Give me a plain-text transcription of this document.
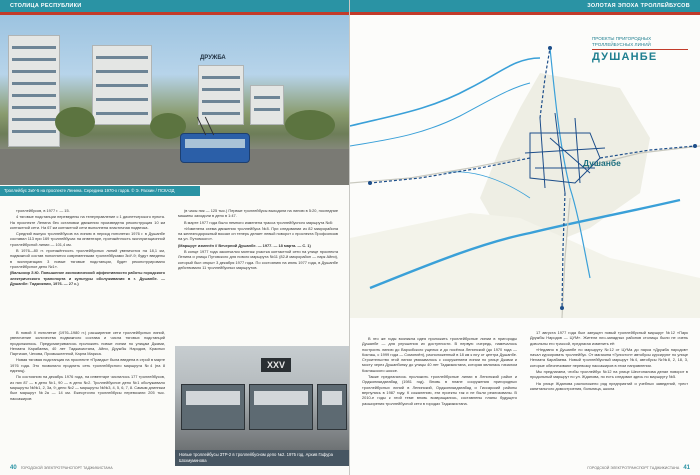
СТОЛИЦА РЕСПУБЛИКИ
ДРУЖБА
Троллейбус ЗиУ-5 на проспекте Ленина. Середина 1970-х годов. © Э. Раскин / ПСКАЗД

троллейбусов, в 1977 г. — 15.

4 тяговые подстанции переведены на телеуправление с 1 диспетчерского пункта. На проспекте Ленина без остановки движения произведена реконструкция 10 км контактной сети. На 67 км контактной сети выполнена эластичная подвеска.

Средний выпуск троллейбусов на линию в период пятилетки 1976 г. в Душанбе составил 113 при 169 троллейбусах на инвентаре, протяжённость эксплуатационной троллейбусной линии — 101,4 км.

В 1976—80 гг. протяжённость троллейбусных линий увеличится на 18,1 км, подвижной состав пополнится современными троллейбусами ЗиУ-9; будут введены в эксплуатацию 3 новые тяговые подстанции, будет реконструировано троллейбусное депо №1».

(Вальскир З.Ю. Повышение экономической эффективности работы городского электрического транспорта и культуры обслуживания в г. Душанбе. — Душанбе: Таджикнии, 1976. — 27 с.)

(в часы пик — 125 тыс.) Первые троллейбусы выходили на линию в 5:20, последние машины заходили в депо в 1:47.

В марте 1977 года было немного изменена трасса троллейбусного маршрута №8:

«Изменена схема движения троллейбуса №8. При следовании из 82 микрорайона на железнодорожный вокзал он теперь делает левый поворот с проспекта Профсоюзов на ул. Путовского».

(Маршрут изменён // Вечерний Душанбе. — 1977. — 18 марта. — С. 1)

В конце 1977 года закончился монтаж участка контактной сети на улице проспекта Ленина и улицы Путовского для нового маршрута №11 (82-й микрорайон — парк Айни), который был открыт 3 декабря 1977 года. По состоянию на июнь 1977 года, в Душанбе действовало 11 троллейбусных маршрутов.

В новой X пятилетке (1976–1980 гг.) расширение сети троллейбусных линий, увеличение количества подвижного состава и числа тяговых подстанций продолжилось. Предусматривалось проложить новые линии по улицам Джами, Негмата Карабаева, 40 лет Таджикистана, Айни, Дружбы Народов, Красных Партизан, Чехова, Промышленной, Карла Маркса.

Новая тяговая подстанция на проспекте «Правды» была введена в строй в марте 1976 года. Это позволило продлить сеть троллейбусного маршрута №4 (на 8 единиц).

По состоянию на декабрь 1976 года, на инвентаре числилось 177 троллейбусов, из них 87 — в депо №1, 90 — в депо №2. Троллейбусное депо №1 обслуживало маршруты №№1, 2, 3а, 9; депо №2 — маршруты №№3, 4, 5, 6, 7, 8. Самым длинным был маршрут №2а — 14 км. Ежесуточно троллейбусы перевозили 205 тыс. пассажиров

XXV
Новые троллейбусы ЗТР-2 в троллейбусном депо №2. 1975 год. Архив Гафура Шохмуминова
40 ГОРОДСКОЙ ЭЛЕКТРОТРАНСПОРТ ТАДЖИКИСТАНА
ЗОЛОТАЯ ЭПОХА ТРОЛЛЕЙБУСОВ
ПРОЕКТЫ ПРИГОРОДНЫХ ТРОЛЛЕЙБУСНЫХ ЛИНИЙ
ДУШАНБЕ
Душанбе

В это же годы возникла идея проложить троллейбусные линии в пригороды Душанбе — для улучшения их доступности. В первую очередь, намечалось построить линию до Варзобского ущелья и до посёлка Ленинский (до 1970 года — Кокташ, с 1999 года — Сомониён), расположенный в 18 км к югу от центра Душанбе. Строительство этой линии увязывалось с сооружением линии по улице Джами и мосту через Душанбинку до улицы 40 лет Таджикистана, которая являлась началом Кокташского шоссе.

Также предлагалось проложить троллейбусные линии в Ленинский район и Орджоникидзеабад (1981 год). Вновь в плане сооружения пригородных троллейбусных линий в Ленинский, Орджоникидзеабад и Гиссарский районы вернулись в 1987 году. К сожалению, эти проекты так и не были реализованы. В 2010-е годы к этой теме вновь возвращались, составлены планы будущего расширения троллейбусной сети в городах Таджикистана.

17 августа 1977 года был запущен новый троллейбусный маршрут №12 «Парк Дружбы Народов — ЦУМ». Жители юго-западных районов столицы были не очень довольны его трассой, предлагая изменить её:

«Недавно в Душанбе по маршруту №12 от ЦУМа до парка «Дружба народов» начал курсировать троллейбус. От магазина «Гулистон» автобусы курсируют по улице Негмата Карабаева. Новый троллейбусный маршрут №4, автобусы №№8, 2, 18, 3, которые обеспечивают перевозку пассажиров в этом направлении.

Мы предлагаем, чтобы троллейбус №12 на улице Шестопалова делал поворот в продольный маршрут по ул. Жданова, по есть следовал здесь по маршруту №5.

На улице Жданова расположено ряд предприятий и учебных заведений, трест капитального домостроения, больница, школа

ГОРОДСКОЙ ЭЛЕКТРОТРАНСПОРТ ТАДЖИКИСТАНА 41
